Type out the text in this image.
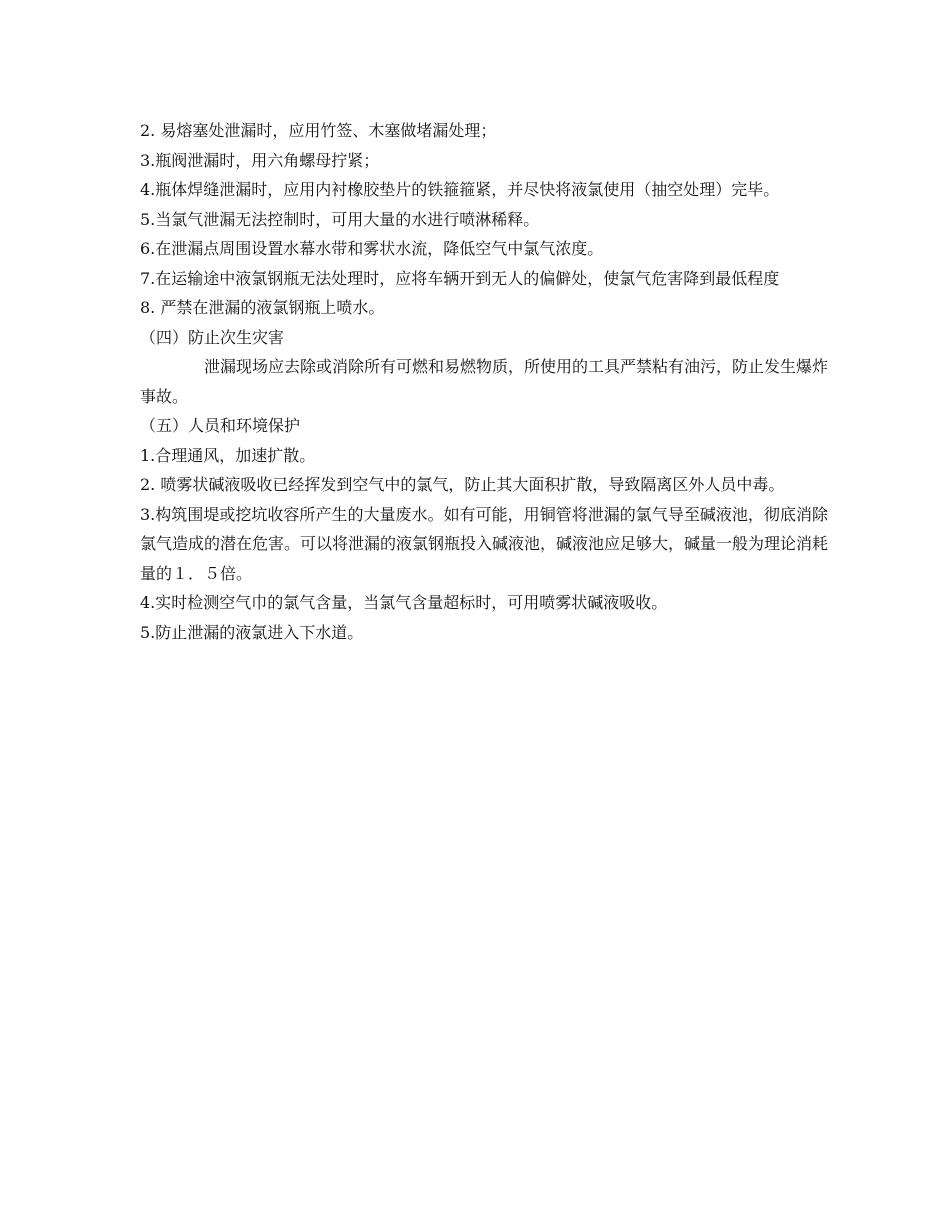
2. 易熔塞处泄漏时，应用竹签、木塞做堵漏处理；

3.瓶阀泄漏时，用六角螺母拧紧；

4.瓶体焊缝泄漏时，应用内衬橡胶垫片的铁箍箍紧，并尽快将液氯使用（抽空处理）完毕。

5.当氯气泄漏无法控制时，可用大量的水进行喷淋稀释。

6.在泄漏点周围设置水幕水带和雾状水流，降低空气中氯气浓度。

7.在运输途中液氯钢瓶无法处理时，应将车辆开到无人的偏僻处，使氯气危害降到最低程度

8. 严禁在泄漏的液氯钢瓶上喷水。

（四）防止次生灾害

泄漏现场应去除或消除所有可燃和易燃物质，所使用的工具严禁粘有油污，防止发生爆炸事故。

（五）人员和环境保护

1.合理通风，加速扩散。

2. 喷雾状碱液吸收已经挥发到空气中的氯气，防止其大面积扩散，导致隔离区外人员中毒。

3.构筑围堤或挖坑收容所产生的大量废水。如有可能，用铜管将泄漏的氯气导至碱液池，彻底消除氯气造成的潜在危害。可以将泄漏的液氯钢瓶投入碱液池，碱液池应足够大，碱量一般为理论消耗量的１．５倍。

4.实时检测空气巾的氯气含量，当氯气含量超标时，可用喷雾状碱液吸收。

5.防止泄漏的液氯进入下水道。
